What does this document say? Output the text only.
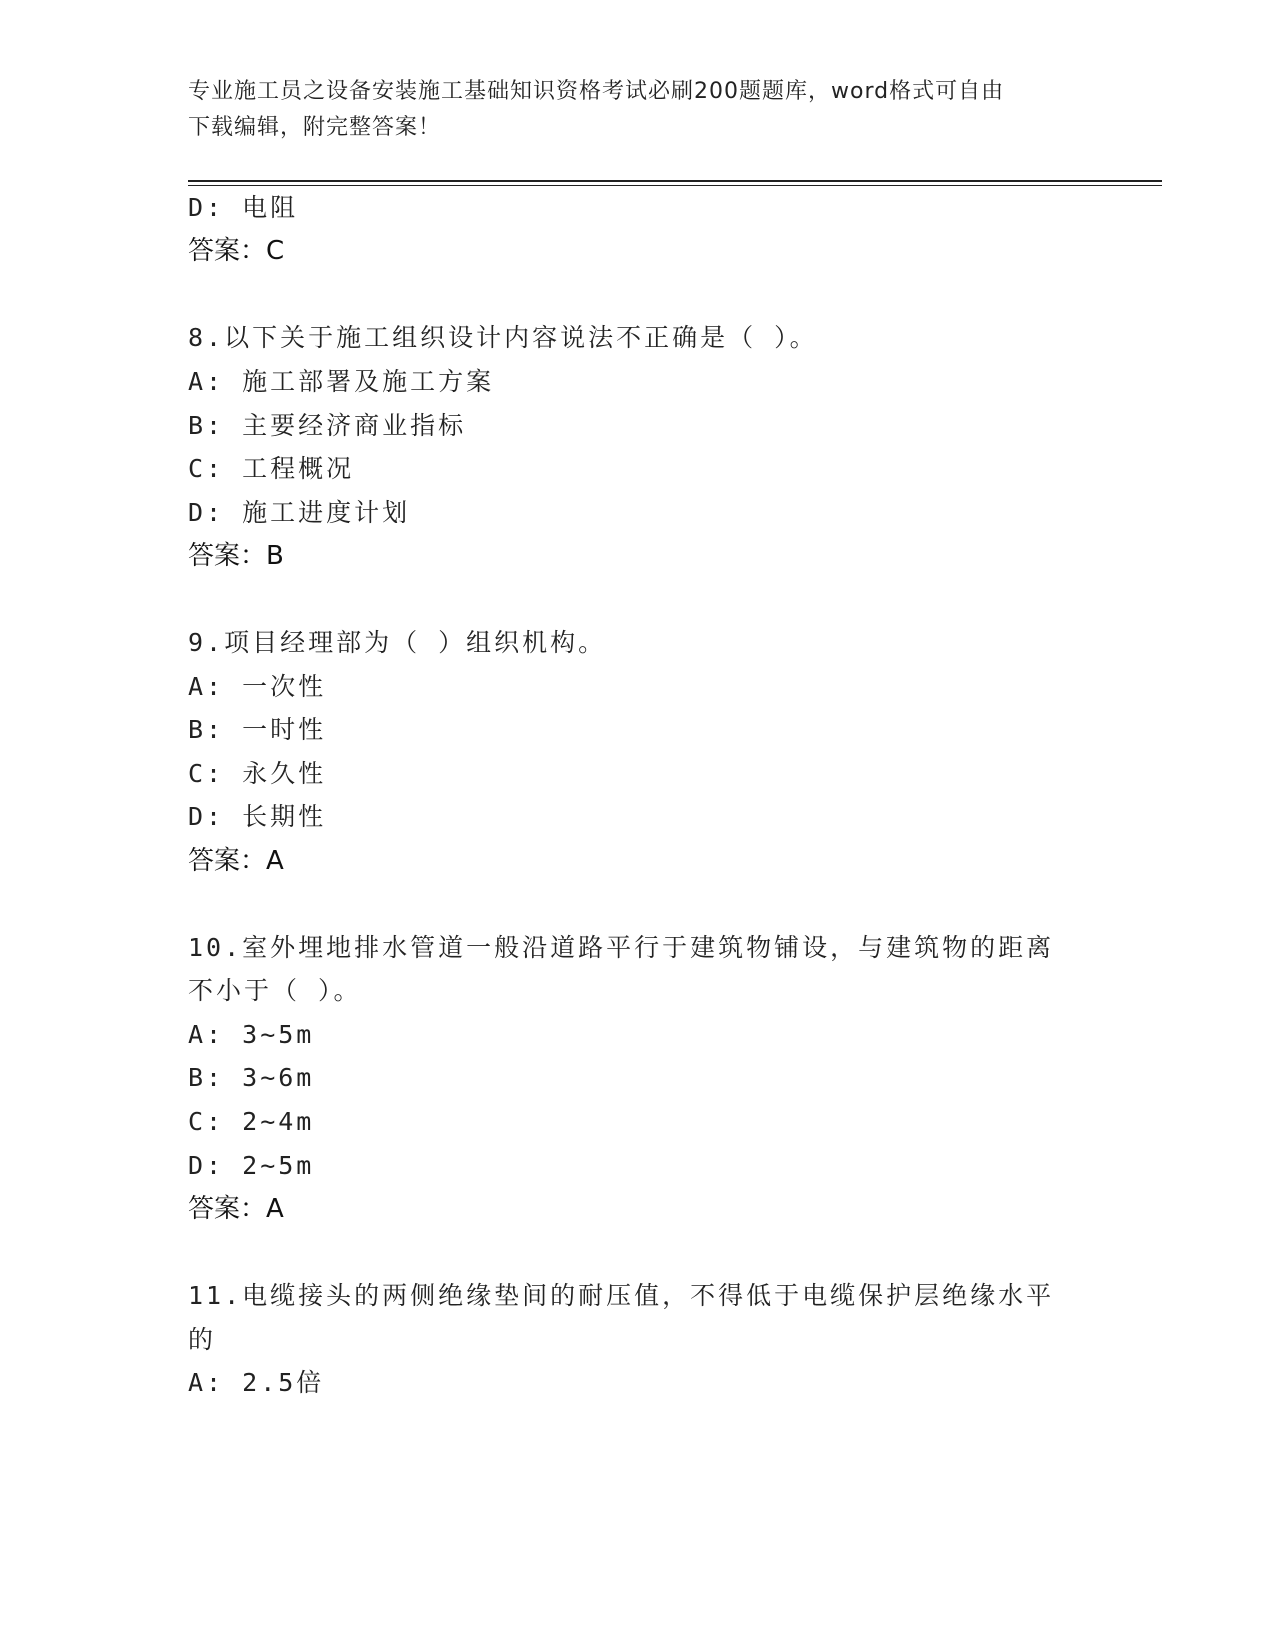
专业施工员之设备安装施工基础知识资格考试必刷200题题库，word格式可自由
下载编辑，附完整答案！
D: 电阻
答案：C
8.以下关于施工组织设计内容说法不正确是（ ）。
A: 施工部署及施工方案
B: 主要经济商业指标
C: 工程概况
D: 施工进度计划
答案：B
9.项目经理部为（ ）组织机构。
A: 一次性
B: 一时性
C: 永久性
D: 长期性
答案：A
10.室外埋地排水管道一般沿道路平行于建筑物铺设，与建筑物的距离
不小于（ ）。
A: 3~5m
B: 3~6m
C: 2~4m
D: 2~5m
答案：A
11.电缆接头的两侧绝缘垫间的耐压值，不得低于电缆保护层绝缘水平
的
A: 2.5倍
